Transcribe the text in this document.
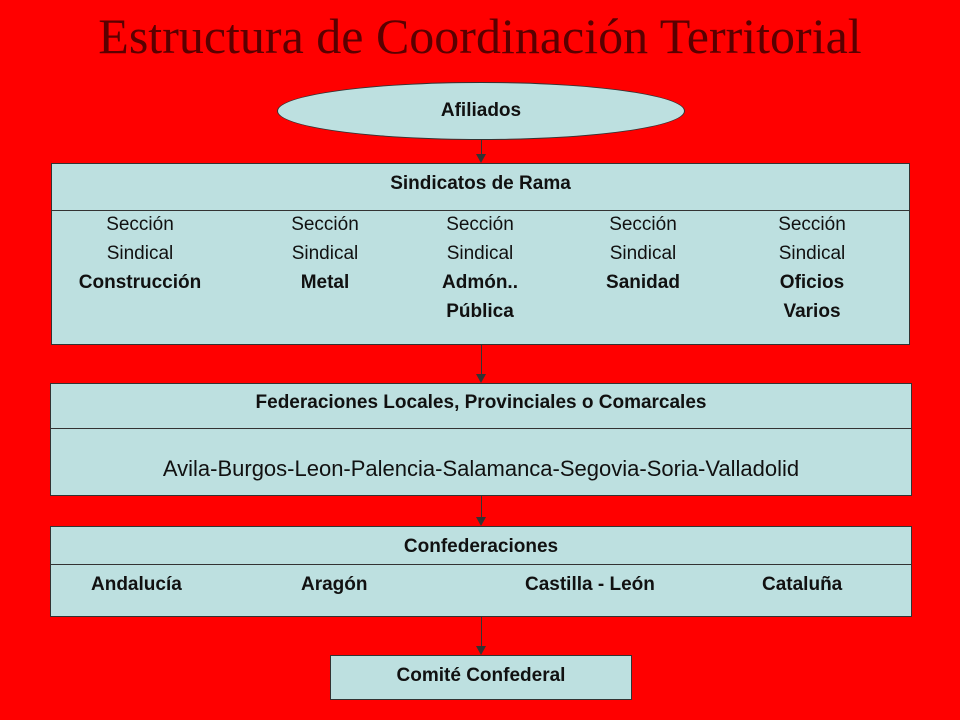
Estructura de Coordinación Territorial
Afiliados
Sindicatos de Rama
Sección
Sindical
Construcción
Sección
Sindical
Metal
Sección
Sindical
Admón..
Pública
Sección
Sindical
Sanidad
Sección
Sindical
Oficios
Varios
Federaciones Locales, Provinciales o Comarcales
Avila-Burgos-Leon-Palencia-Salamanca-Segovia-Soria-Valladolid
Confederaciones
Andalucía	Aragón	Castilla - León	Cataluña
Comité Confederal
